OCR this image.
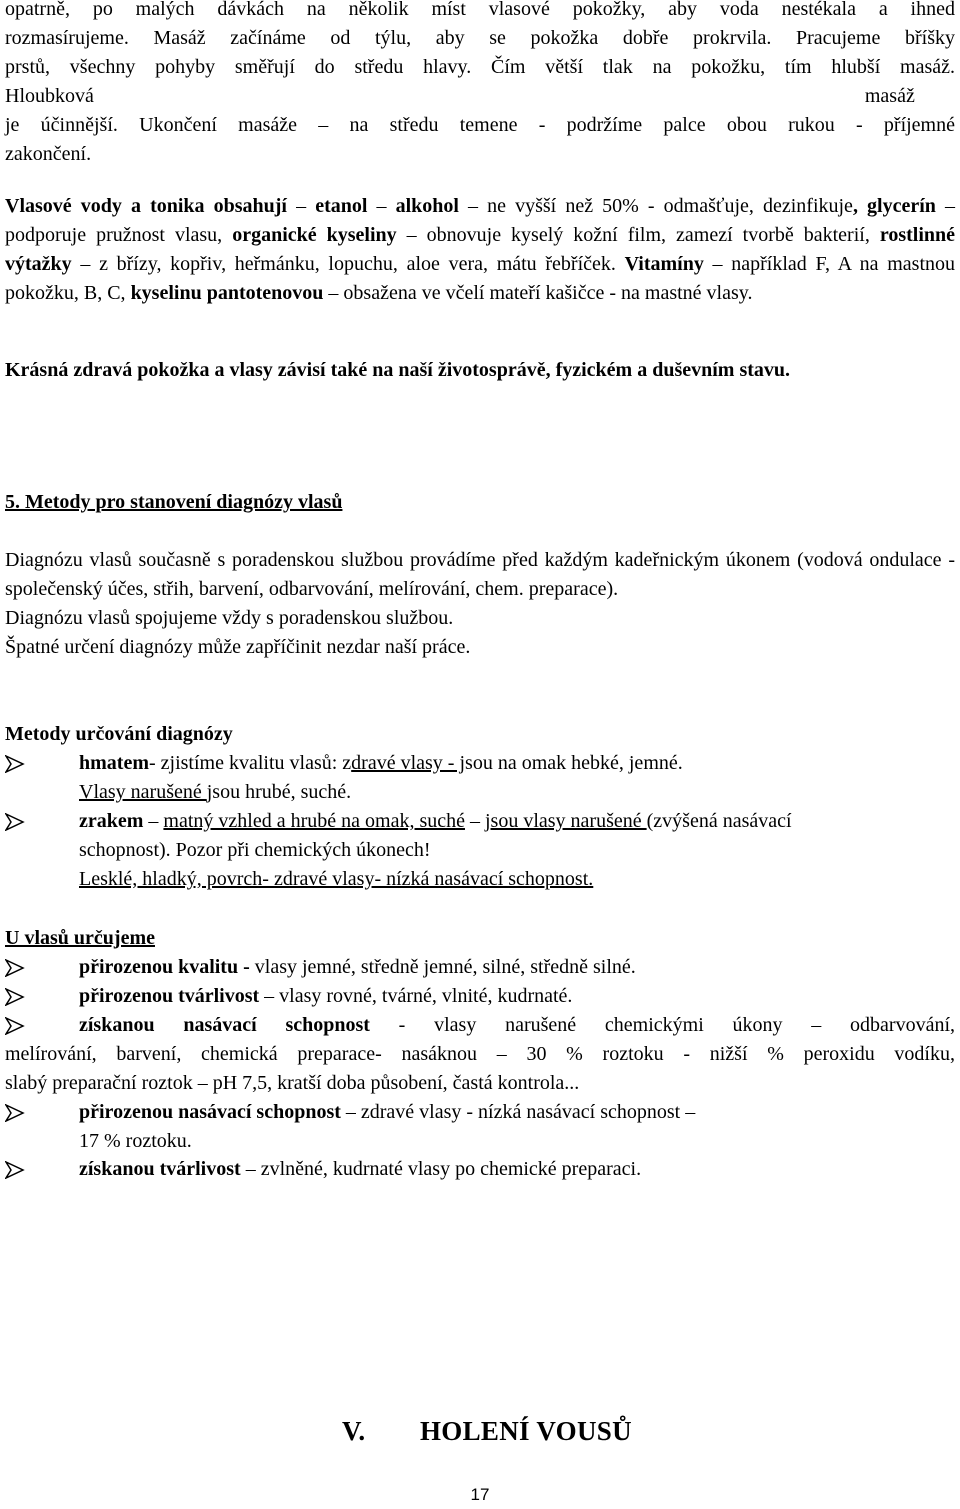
opatrně, po malých dávkách na několik míst vlasové pokožky, aby voda nestékala a ihned

rozmasírujeme. Masáž začínáme od týlu, aby se pokožka dobře prokrvila. Pracujeme bříšky

prstů, všechny pohyby směřují do středu hlavy. Čím větší tlak na pokožku, tím hlubší masáž.

Hloubková masáž

je účinnější. Ukončení masáže – na středu temene - podržíme palce obou rukou - příjemné

zakončení.

Vlasové vody a tonika obsahují – etanol – alkohol – ne vyšší než 50% - odmašťuje, dezinfikuje, glycerín – podporuje pružnost vlasu, organické kyseliny – obnovuje kyselý kožní film, zamezí tvorbě bakterií, rostlinné výtažky – z břízy, kopřiv, heřmánku, lopuchu, aloe vera, mátu řebříček. Vitamíny – například F, A na mastnou pokožku, B, C, kyselinu pantotenovou – obsažena ve včelí mateří kašičce - na mastné vlasy.

Krásná zdravá pokožka a vlasy závisí také na naší životosprávě, fyzickém a duševním stavu.

5. Metody pro stanovení diagnózy vlasů

Diagnózu vlasů současně s poradenskou službou provádíme před každým kadeřnickým úkonem (vodová ondulace - společenský účes, střih, barvení, odbarvování, melírování, chem. preparace).

Diagnózu vlasů spojujeme vždy s poradenskou službou.

Špatné určení diagnózy může zapříčinit nezdar naší práce.

Metody určování diagnózy

hmatem- zjistíme kvalitu vlasů: zdravé vlasy - jsou na omak hebké, jemné.
Vlasy narušené jsou hrubé, suché.
zrakem – matný vzhled a hrubé na omak, suché – jsou vlasy narušené (zvýšená nasávací
schopnost). Pozor při chemických úkonech!
Lesklé, hladký, povrch- zdravé vlasy- nízká nasávací schopnost.

U vlasů určujeme

přirozenou kvalitu - vlasy jemné, středně jemné, silné, středně silné.
přirozenou tvárlivost – vlasy rovné, tvárné, vlnité, kudrnaté.
získanou nasávací schopnost - vlasy narušené chemickými úkony – odbarvování,
melírování, barvení, chemická preparace- nasáknou – 30 % roztoku - nižší % peroxidu vodíku,
slabý preparační roztok – pH 7,5, kratší doba působení, častá kontrola...
přirozenou nasávací schopnost – zdravé vlasy - nízká nasávací schopnost –
17 % roztoku.
získanou tvárlivost – zvlněné, kudrnaté vlasy po chemické preparaci.
V. HOLENÍ VOUSŮ
17
